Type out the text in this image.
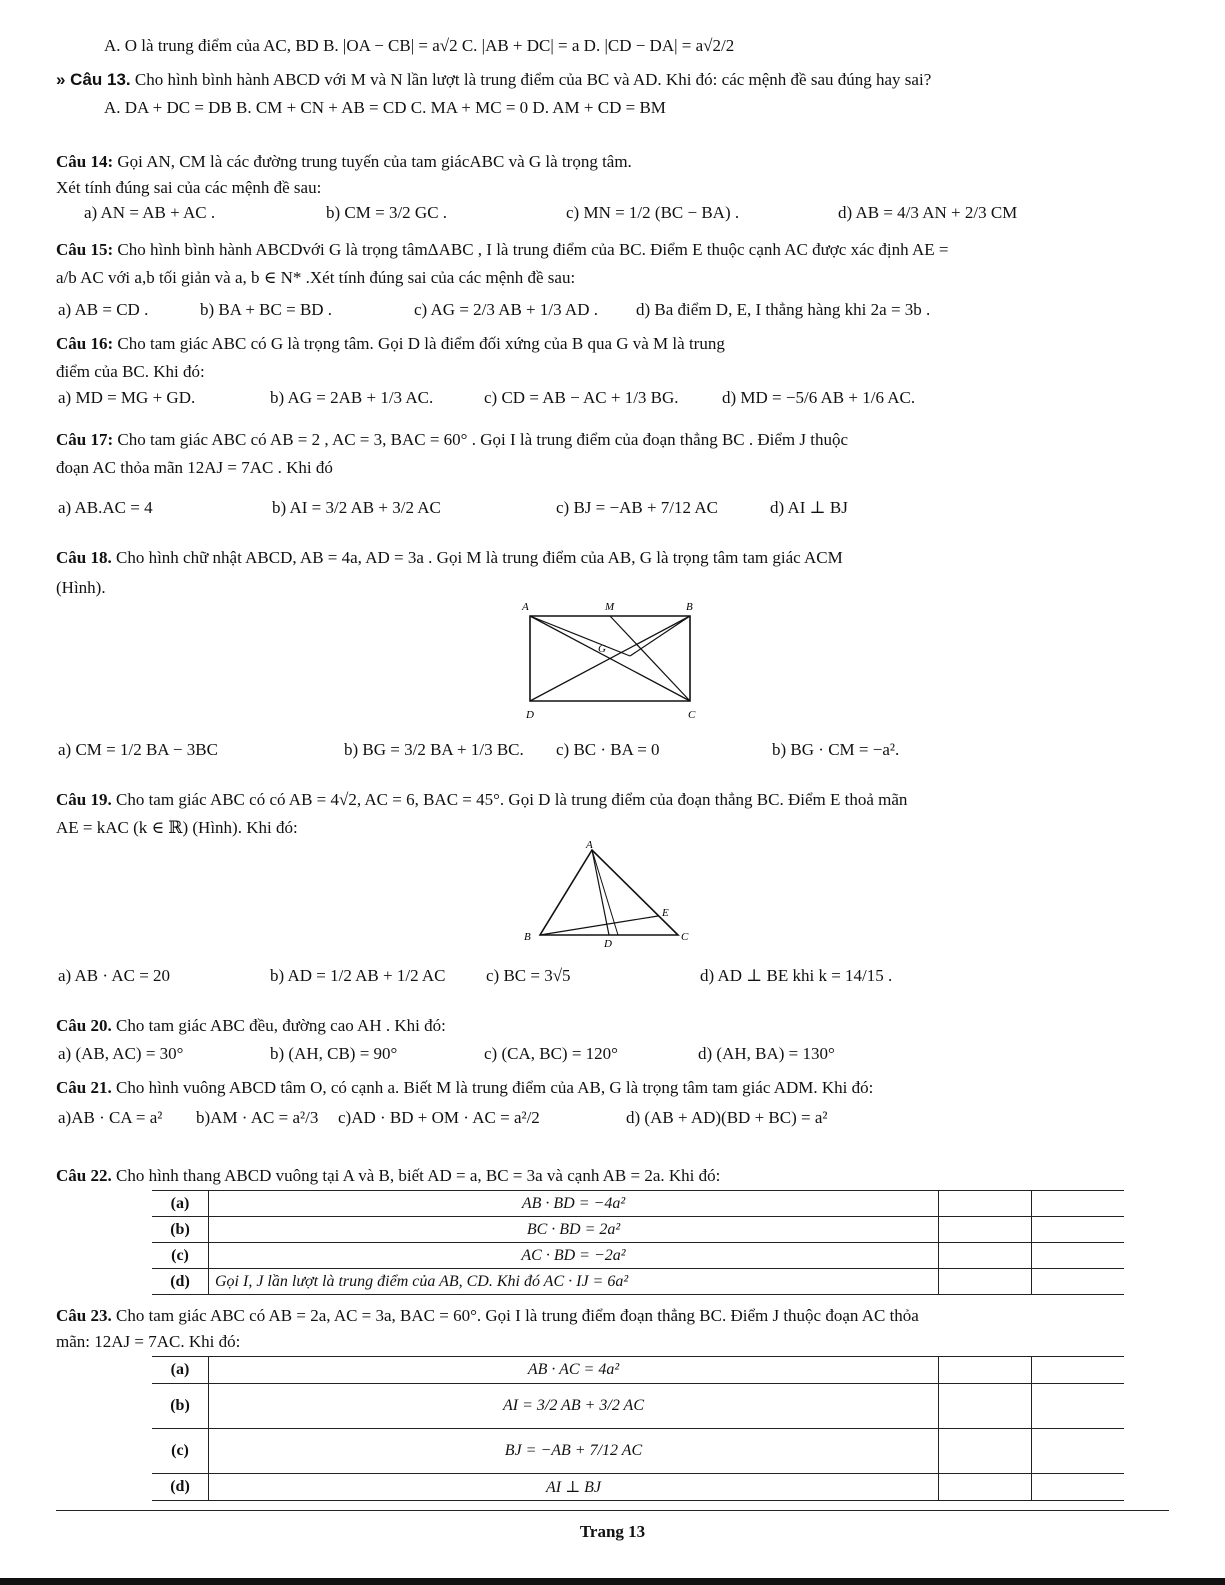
A. O là trung điểm của AC, BD B. |OA − CB| = a√2 C. |AB + DC| = a D. |CD − DA| = a√2/2
» Câu 13. Cho hình bình hành ABCD với M và N lần lượt là trung điểm của BC và AD. Khi đó: các mệnh đề sau đúng hay sai?
A. DA + DC = DB B. CM + CN + AB = CD C. MA + MC = 0 D. AM + CD = BM
Câu 14: Gọi AN, CM là các đường trung tuyến của tam giácABC và G là trọng tâm.
Xét tính đúng sai của các mệnh đề sau:
a) AN = AB + AC .	b) CM = 3/2 GC .	c) MN = 1/2 (BC − BA) .	d) AB = 4/3 AN + 2/3 CM
Câu 15: Cho hình bình hành ABCDvới G là trọng tâmΔABC , I là trung điểm của BC. Điểm E thuộc cạnh AC được xác định AE =
a/b AC với a,b tối giản và a, b ∈ N* .Xét tính đúng sai của các mệnh đề sau:
a) AB = CD .	b) BA + BC = BD .	c) AG = 2/3 AB + 1/3 AD . d) Ba điểm D, E, I thẳng hàng khi 2a = 3b .
Câu 16: Cho tam giác ABC có G là trọng tâm. Gọi D là điểm đối xứng của B qua G và M là trung
điểm của BC. Khi đó:
a) MD = MG + GD.	b) AG = 2AB + 1/3 AC.	c) CD = AB − AC + 1/3 BG.	d) MD = −5/6 AB + 1/6 AC.
Câu 17: Cho tam giác ABC có AB = 2 , AC = 3, BAC = 60° . Gọi I là trung điểm của đoạn thẳng BC . Điểm J thuộc
đoạn AC thỏa mãn 12AJ = 7AC . Khi đó
a) AB.AC = 4	b) AI = 3/2 AB + 3/2 AC	c) BJ = −AB + 7/12 AC	d) AI ⊥ BJ
Câu 18. Cho hình chữ nhật ABCD, AB = 4a, AD = 3a . Gọi M là trung điểm của AB, G là trọng tâm tam giác ACM
(Hình).
A	M	B
G
D	C
a) CM = 1/2 BA − 3BC	b) BG = 3/2 BA + 1/3 BC. c) BC · BA = 0	b) BG · CM = −a².
Câu 19. Cho tam giác ABC có có AB = 4√2, AC = 6, BAC = 45°. Gọi D là trung điểm của đoạn thẳng BC. Điểm E thoả mãn
AE = kAC (k ∈ ℝ) (Hình). Khi đó:
A
B
D
E
C
a) AB · AC = 20	b) AD = 1/2 AB + 1/2 AC c) BC = 3√5	d) AD ⊥ BE khi k = 14/15 .
Câu 20. Cho tam giác ABC đều, đường cao AH . Khi đó:
a) (AB, AC) = 30°	b) (AH, CB) = 90°	c) (CA, BC) = 120°	d) (AH, BA) = 130°
Câu 21. Cho hình vuông ABCD tâm O, có cạnh a. Biết M là trung điểm của AB, G là trọng tâm tam giác ADM. Khi đó:
a)AB · CA = a² b)AM · AC = a²/3 c)AD · BD + OM · AC = a²/2	d) (AB + AD)(BD + BC) = a²
Câu 22. Cho hình thang ABCD vuông tại A và B, biết AD = a, BC = 3a và cạnh AB = 2a. Khi đó:
(a)	AB · BD = −4a²		
(b)	BC · BD = 2a²		
(c)	AC · BD = −2a²		
(d)	Gọi I, J lần lượt là trung điểm của AB, CD. Khi đó AC · IJ = 6a²		
Câu 23. Cho tam giác ABC có AB = 2a, AC = 3a, BAC = 60°. Gọi I là trung điểm đoạn thẳng BC. Điểm J thuộc đoạn AC thỏa
mãn: 12AJ = 7AC. Khi đó:
(a)	AB · AC = 4a²		
(b)	AI = 3/2 AB + 3/2 AC		
(c)	BJ = −AB + 7/12 AC		
(d)	AI ⊥ BJ		
Trang 13
